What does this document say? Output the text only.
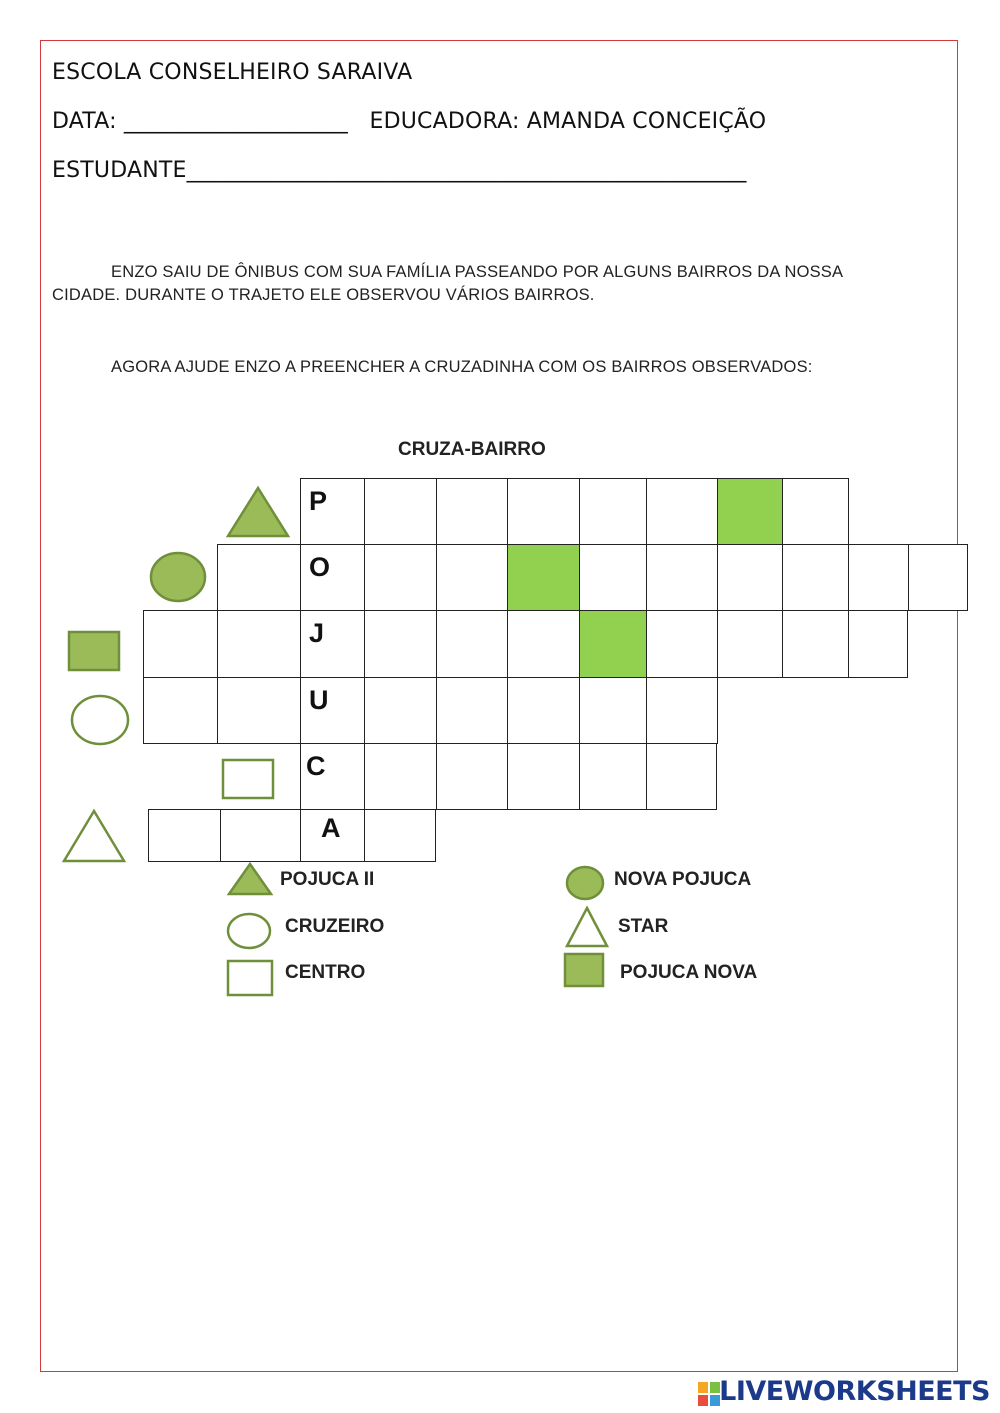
ESCOLA CONSELHEIRO SARAIVA
DATA: ____________________   EDUCADORA: AMANDA CONCEIÇÃO
ESTUDANTE__________________________________________________
ENZO SAIU DE ÔNIBUS COM SUA FAMÍLIA PASSEANDO POR ALGUNS BAIRROS DA NOSSA
CIDADE. DURANTE O TRAJETO ELE OBSERVOU VÁRIOS BAIRROS.
AGORA AJUDE ENZO A PREENCHER A CRUZADINHA COM OS BAIRROS OBSERVADOS:
CRUZA-BAIRRO
P
O
J
U
C
A
POJUCA II
CRUZEIRO
CENTRO
NOVA POJUCA
STAR
POJUCA NOVA
LIVEWORKSHEETS
